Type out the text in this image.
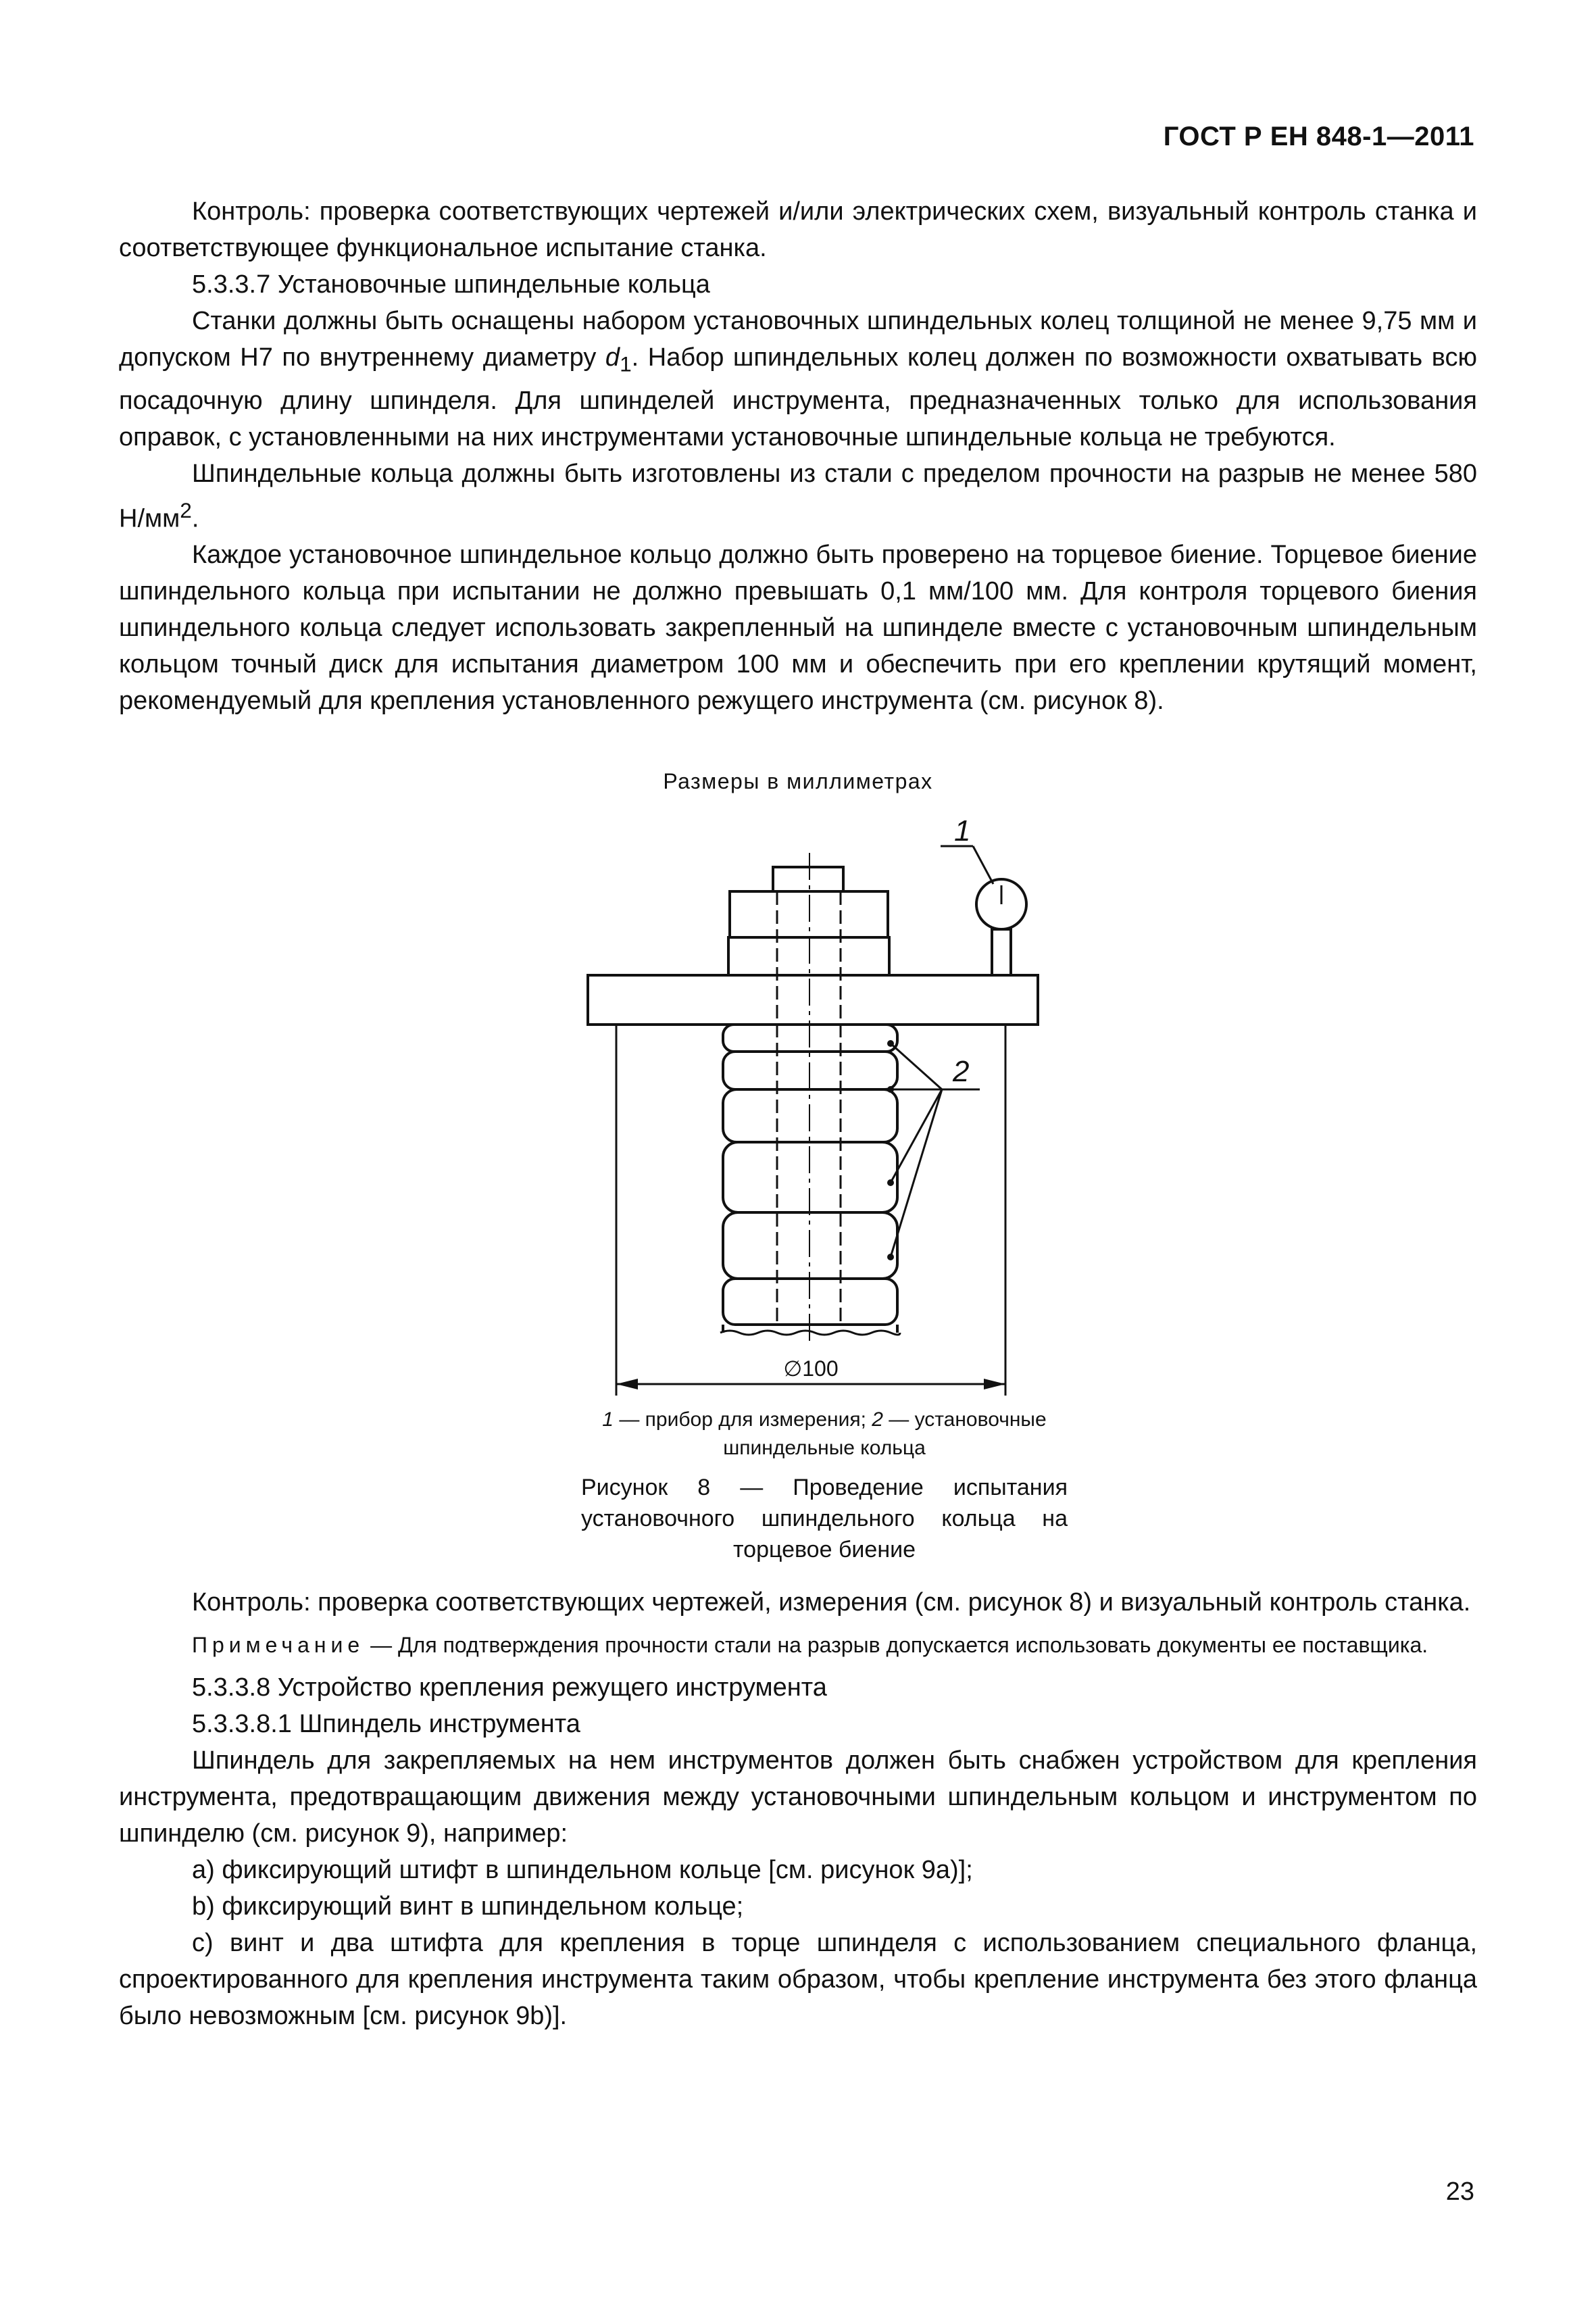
ГОСТ Р ЕН 848-1—2011

Контроль: проверка соответствующих чертежей и/или электрических схем, визуальный контроль станка и соответствующее функциональное испытание станка.

5.3.3.7 Установочные шпиндельные кольца

Станки должны быть оснащены набором установочных шпиндельных колец толщиной не менее 9,75 мм и допуском H7 по внутреннему диаметру $d_1$. Набор шпиндельных колец должен по возможности охватывать всю посадочную длину шпинделя. Для шпинделей инструмента, предназначенных только для использования оправок, с установленными на них инструментами установочные шпиндельные кольца не требуются.

Шпиндельные кольца должны быть изготовлены из стали с пределом прочности на разрыв не менее 580 $Н/мм^2$.

Каждое установочное шпиндельное кольцо должно быть проверено на торцевое биение. Торцевое биение шпиндельного кольца при испытании не должно превышать 0,1 мм/100 мм. Для контроля торцевого биения шпиндельного кольца следует использовать закрепленный на шпинделе вместе с установочным шпиндельным кольцом точный диск для испытания диаметром 100 мм и обеспечить при его креплении крутящий момент, рекомендуемый для крепления установленного режущего инструмента (см. рисунок 8).

Размеры в миллиметрах
1
2
∅100
1 — прибор для измерения; 2 — установочные шпиндельные кольца
Рисунок 8 — Проведение испытания установочного шпиндельного кольца на торцевое биение

Контроль: проверка соответствующих чертежей, измерения (см. рисунок 8) и визуальный контроль станка.

Примечание — Для подтверждения прочности стали на разрыв допускается использовать документы ее поставщика.

5.3.3.8 Устройство крепления режущего инструмента

5.3.3.8.1 Шпиндель инструмента

Шпиндель для закрепляемых на нем инструментов должен быть снабжен устройством для крепления инструмента, предотвращающим движения между установочными шпиндельным кольцом и инструментом по шпинделю (см. рисунок 9), например:

а) фиксирующий штифт в шпиндельном кольце [см. рисунок 9а)];

b) фиксирующий винт в шпиндельном кольце;

с) винт и два штифта для крепления в торце шпинделя с использованием специального фланца, спроектированного для крепления инструмента таким образом, чтобы крепление инструмента без этого фланца было невозможным [см. рисунок 9b)].

23
